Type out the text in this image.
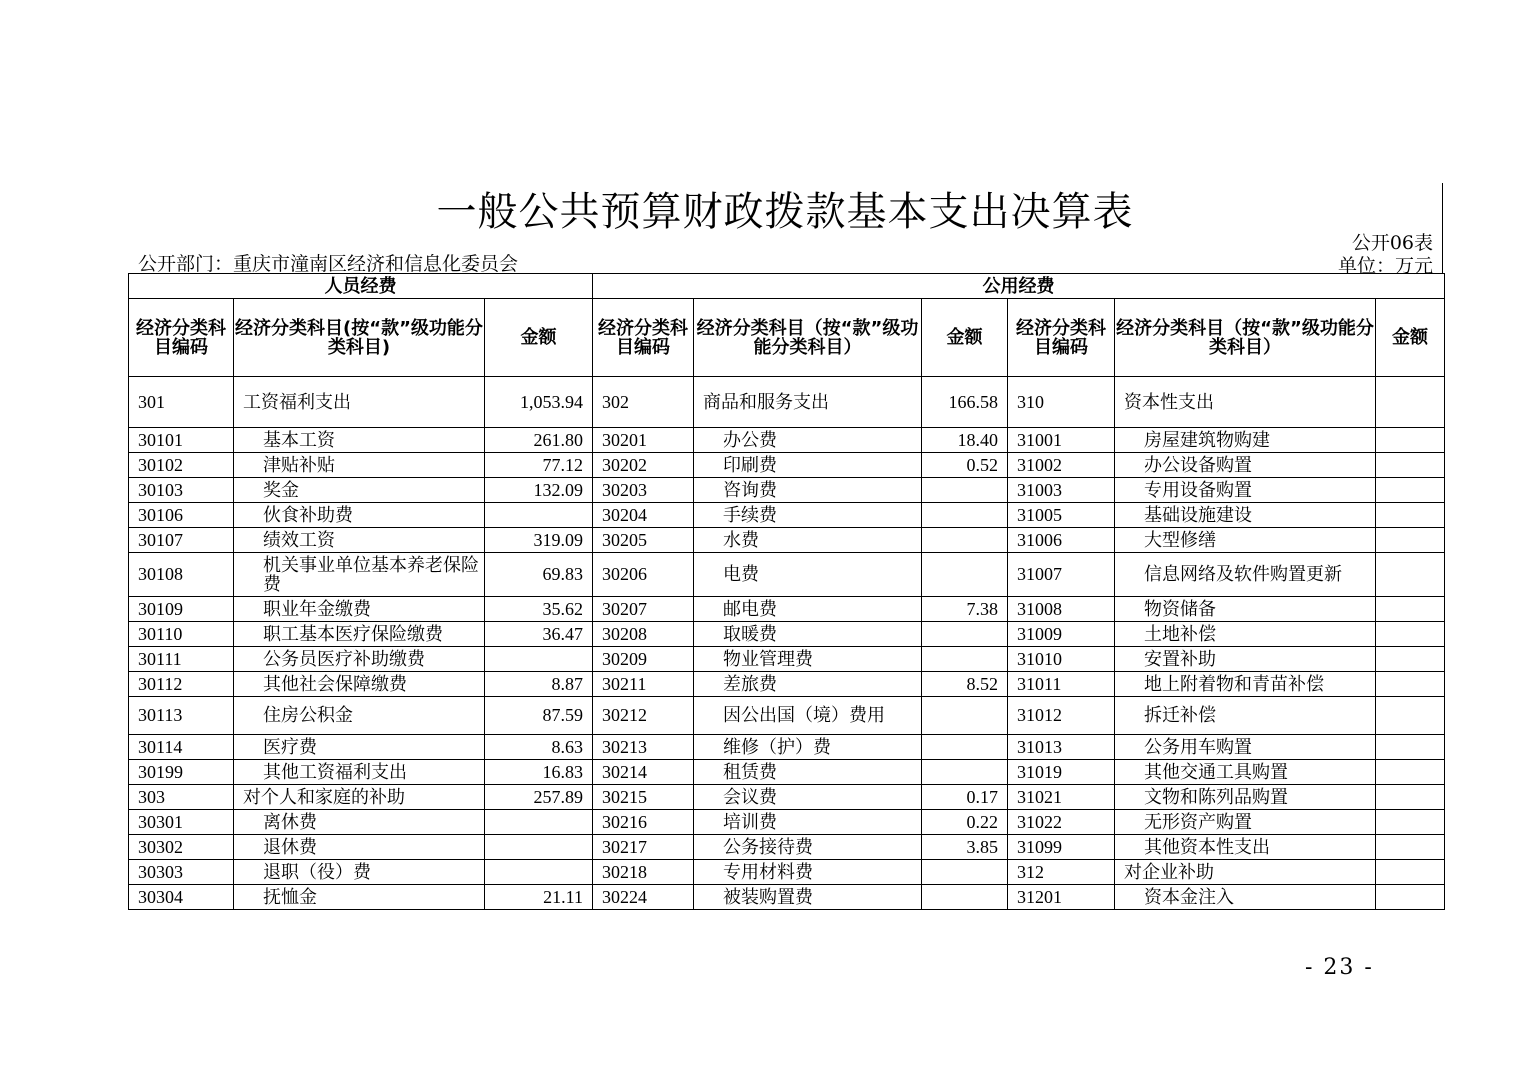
一般公共预算财政拨款基本支出决算表
公开06表
公开部门：重庆市潼南区经济和信息化委员会	单位：万元
人员经费			公用经费					
经济分类科目编码	经济分类科目(按“款”级功能分类科目)	金额	经济分类科目编码	经济分类科目（按“款”级功能分类科目）	金额	经济分类科目编码	经济分类科目（按“款”级功能分类科目）	金额
301	工资福利支出	1,053.94	302	商品和服务支出	166.58	310	资本性支出	
30101	基本工资	261.80	30201	办公费	18.40	31001	房屋建筑物购建	
30102	津贴补贴	77.12	30202	印刷费	0.52	31002	办公设备购置	
30103	奖金	132.09	30203	咨询费		31003	专用设备购置	
30106	伙食补助费		30204	手续费		31005	基础设施建设	
30107	绩效工资	319.09	30205	水费		31006	大型修缮	
30108	机关事业单位基本养老保险费	69.83	30206	电费		31007	信息网络及软件购置更新	
30109	职业年金缴费	35.62	30207	邮电费	7.38	31008	物资储备	
30110	职工基本医疗保险缴费	36.47	30208	取暖费		31009	土地补偿	
30111	公务员医疗补助缴费		30209	物业管理费		31010	安置补助	
30112	其他社会保障缴费	8.87	30211	差旅费	8.52	31011	地上附着物和青苗补偿	
30113	住房公积金	87.59	30212	因公出国（境）费用		31012	拆迁补偿	
30114	医疗费	8.63	30213	维修（护）费		31013	公务用车购置	
30199	其他工资福利支出	16.83	30214	租赁费		31019	其他交通工具购置	
303	对个人和家庭的补助	257.89	30215	会议费	0.17	31021	文物和陈列品购置	
30301	离休费		30216	培训费	0.22	31022	无形资产购置	
30302	退休费		30217	公务接待费	3.85	31099	其他资本性支出	
30303	退职（役）费		30218	专用材料费		312	对企业补助	
30304	抚恤金	21.11	30224	被装购置费		31201	资本金注入	
- 23 -
